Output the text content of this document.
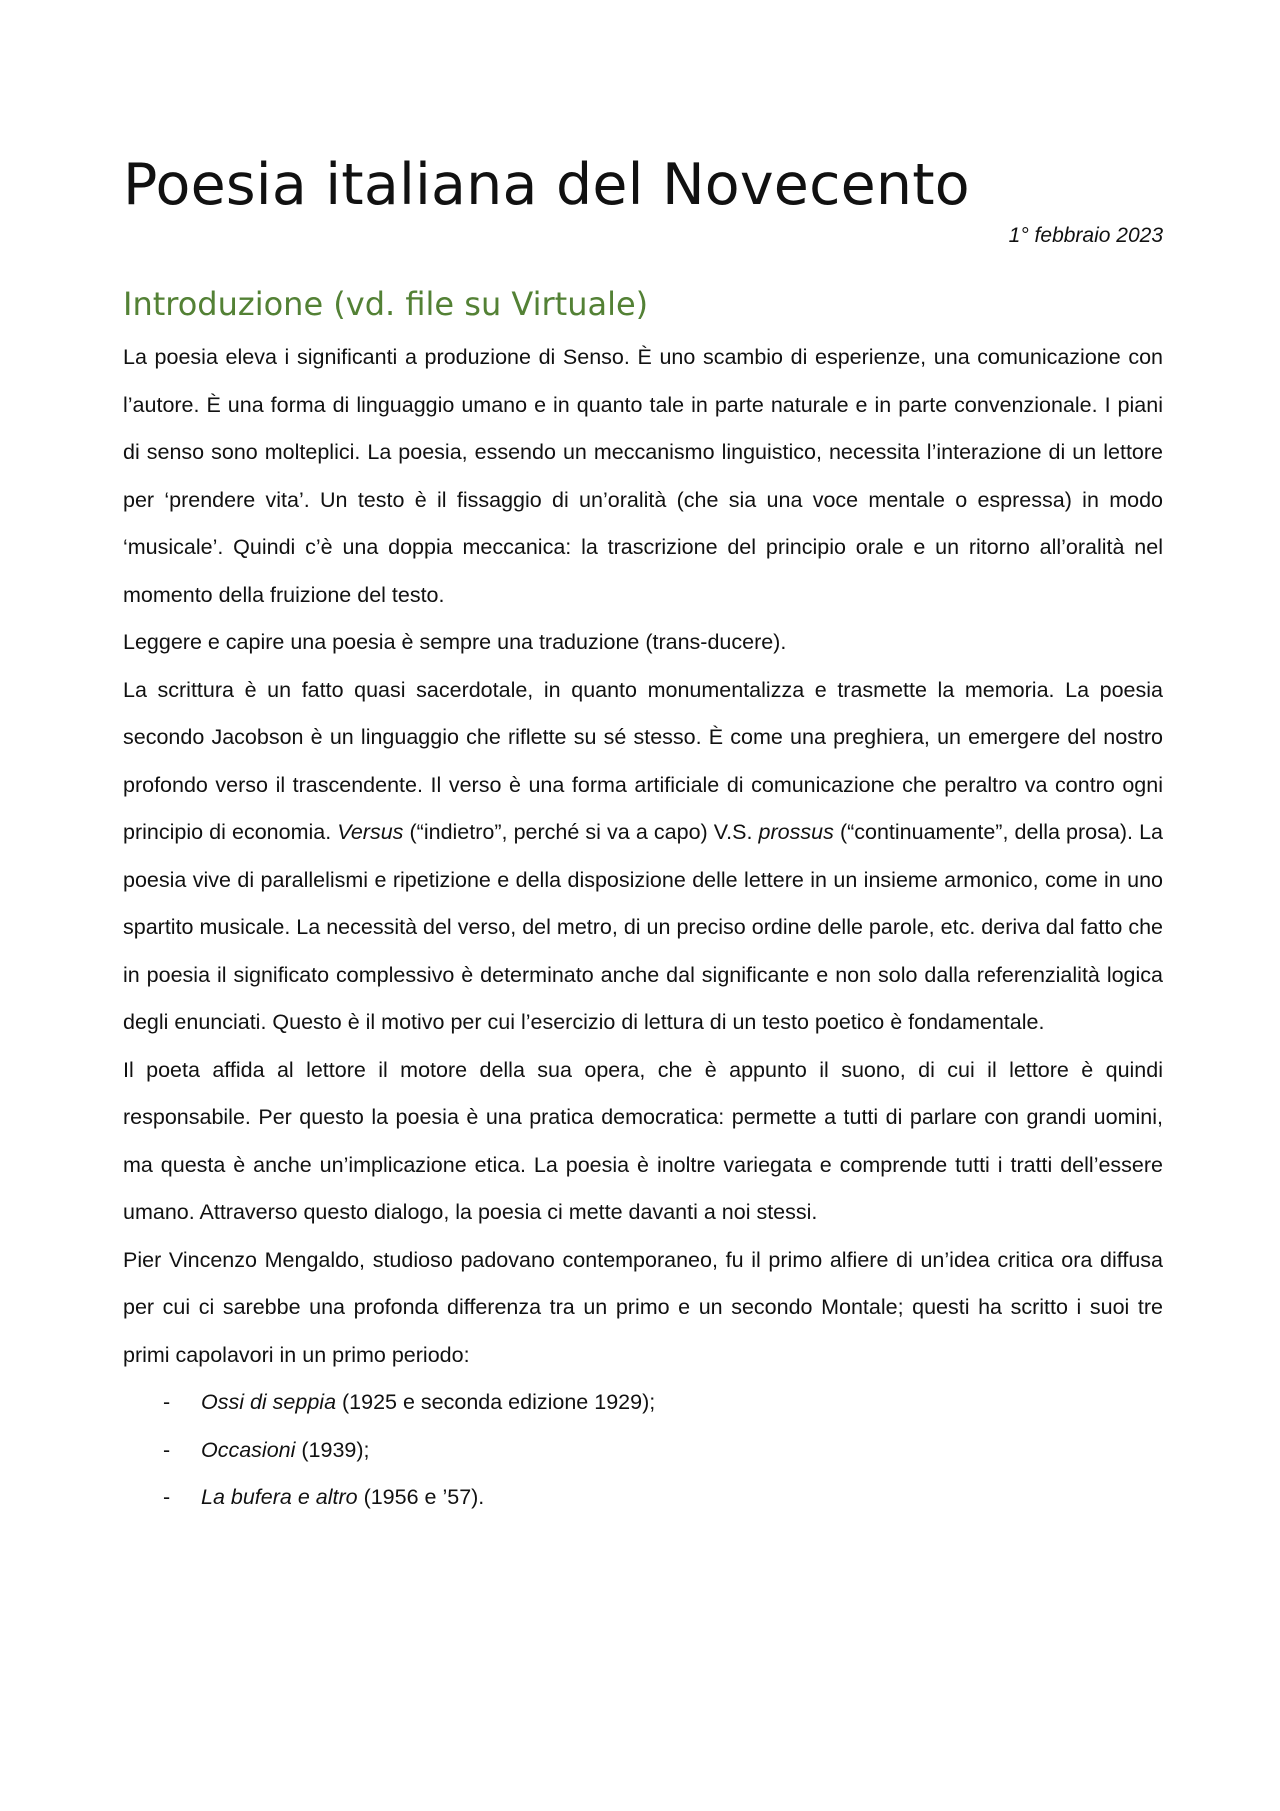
Poesia italiana del Novecento

1° febbraio 2023

Introduzione (vd. file su Virtuale)

La poesia eleva i significanti a produzione di Senso. È uno scambio di esperienze, una comunicazione con l’autore. È una forma di linguaggio umano e in quanto tale in parte naturale e in parte convenzionale. I piani di senso sono molteplici. La poesia, essendo un meccanismo linguistico, necessita l’interazione di un lettore per ‘prendere vita’. Un testo è il fissaggio di un’oralità (che sia una voce mentale o espressa) in modo ‘musicale’. Quindi c’è una doppia meccanica: la trascrizione del principio orale e un ritorno all’oralità nel momento della fruizione del testo.

Leggere e capire una poesia è sempre una traduzione (trans-ducere).

La scrittura è un fatto quasi sacerdotale, in quanto monumentalizza e trasmette la memoria. La poesia secondo Jacobson è un linguaggio che riflette su sé stesso. È come una preghiera, un emergere del nostro profondo verso il trascendente. Il verso è una forma artificiale di comunicazione che peraltro va contro ogni principio di economia. Versus (“indietro”, perché si va a capo) V.S. prossus (“continuamente”, della prosa). La poesia vive di parallelismi e ripetizione e della disposizione delle lettere in un insieme armonico, come in uno spartito musicale. La necessità del verso, del metro, di un preciso ordine delle parole, etc. deriva dal fatto che in poesia il significato complessivo è determinato anche dal significante e non solo dalla referenzialità logica degli enunciati. Questo è il motivo per cui l’esercizio di lettura di un testo poetico è fondamentale.

Il poeta affida al lettore il motore della sua opera, che è appunto il suono, di cui il lettore è quindi responsabile. Per questo la poesia è una pratica democratica: permette a tutti di parlare con grandi uomini, ma questa è anche un’implicazione etica. La poesia è inoltre variegata e comprende tutti i tratti dell’essere umano. Attraverso questo dialogo, la poesia ci mette davanti a noi stessi.

Pier Vincenzo Mengaldo, studioso padovano contemporaneo, fu il primo alfiere di un’idea critica ora diffusa per cui ci sarebbe una profonda differenza tra un primo e un secondo Montale; questi ha scritto i suoi tre primi capolavori in un primo periodo:

- Ossi di seppia (1925 e seconda edizione 1929);
- Occasioni (1939);
- La bufera e altro (1956 e ’57).
